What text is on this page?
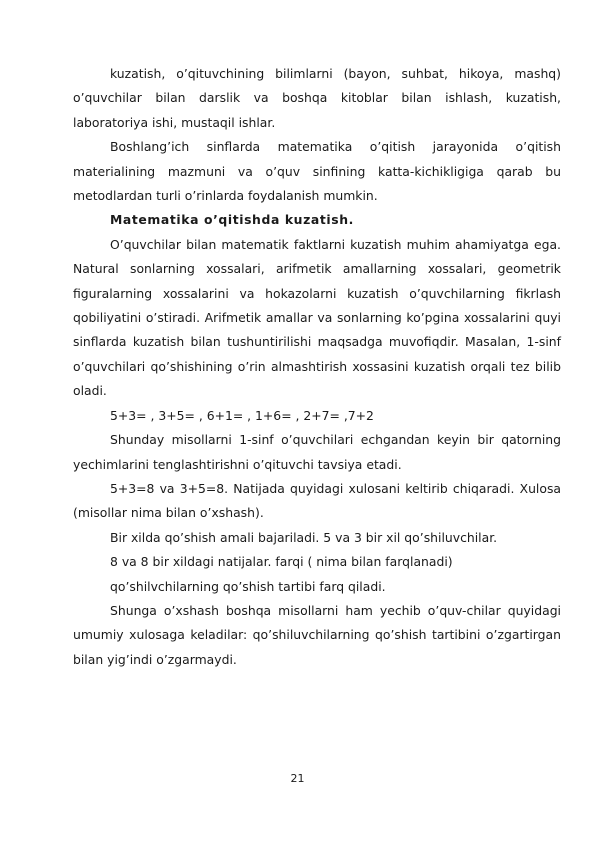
kuzatish, o’qituvchining bilimlarni (bayon, suhbat, hikoya, mashq) o’quvchilar bilan darslik va boshqa kitoblar bilan ishlash, kuzatish, laboratoriya ishi, mustaqil ishlar.

Boshlang’ich sinflarda matematika o’qitish jarayonida o’qitish materialining mazmuni va o’quv sinfining katta-kichikligiga qarab bu metodlardan turli o’rinlarda foydalanish mumkin.

Matematika o’qitishda kuzatish.

O’quvchilar bilan matematik faktlarni kuzatish muhim ahamiyatga ega. Natural sonlarning xossalari, arifmetik amallarning xossalari, geometrik figuralarning xossalarini va hokazolarni kuzatish o’quvchilarning fikrlash qobiliyatini o’stiradi. Arifmetik amallar va sonlarning ko’pgina xossalarini quyi sinflarda kuzatish bilan tushuntirilishi maqsadga muvofiqdir. Masalan, 1-sinf o’quvchilari qo’shishining o’rin almashtirish xossasini kuzatish orqali tez bilib oladi.

5+3= , 3+5= , 6+1= , 1+6= , 2+7= ,7+2

Shunday misollarni 1-sinf o’quvchilari echgandan keyin bir qatorning yechimlarini tenglashtirishni o’qituvchi tavsiya etadi.

5+3=8 va 3+5=8. Natijada quyidagi xulosani keltirib chiqaradi. Xulosa (misollar nima bilan o’xshash).

Bir xilda qo’shish amali bajariladi. 5 va 3 bir xil qo’shiluvchilar.

8 va 8 bir xildagi natijalar. farqi ( nima bilan farqlanadi)

qo’shilvchilarning qo’shish tartibi farq qiladi.

Shunga o’xshash boshqa misollarni ham yechib o’quv-chilar quyidagi umumiy xulosaga keladilar: qo’shiluvchilarning qo’shish tartibini o’zgartirgan bilan yig’indi o’zgarmaydi.

21
